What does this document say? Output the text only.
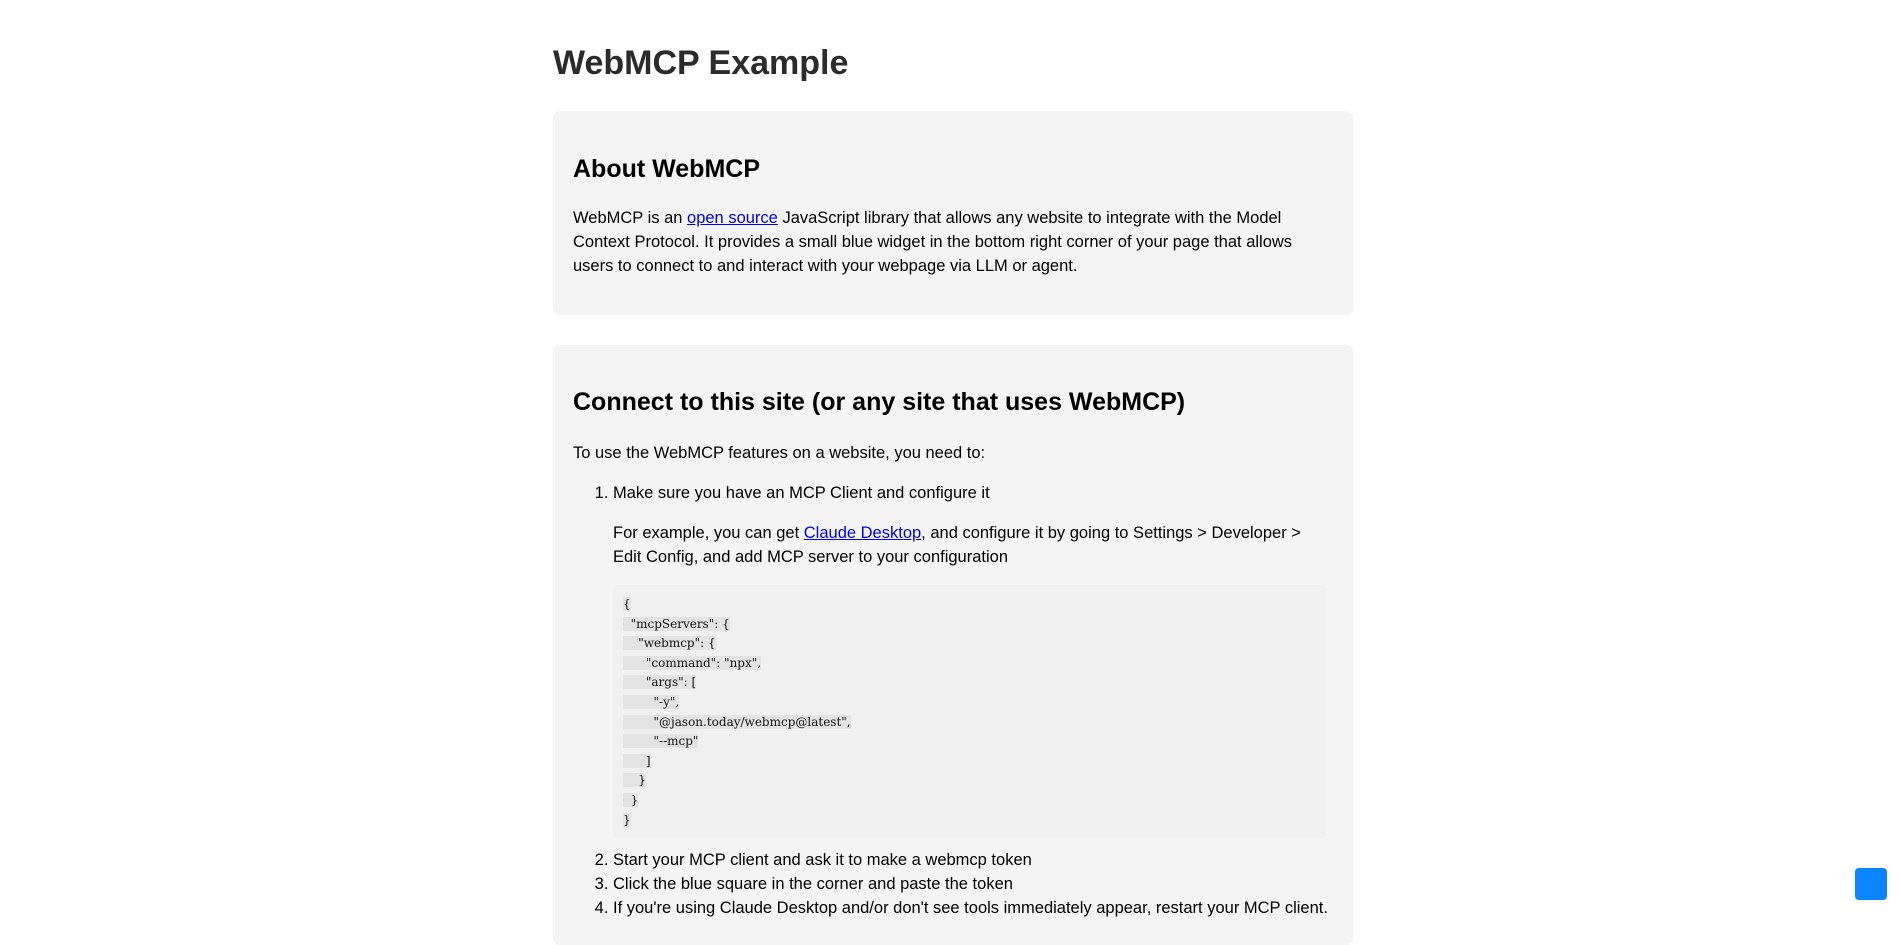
WebMCP Example
About WebMCP

WebMCP is an open source JavaScript library that allows any website to integrate with the Model Context Protocol. It provides a small blue widget in the bottom right corner of your page that allows users to connect to and interact with your webpage via LLM or agent.

Connect to this site (or any site that uses WebMCP)

To use the WebMCP features on a website, you need to:

1. Make sure you have an MCP Client and configure it

For example, you can get Claude Desktop, and configure it by going to Settings > Developer > Edit Config, and add MCP server to your configuration

{
"mcpServers": {
"webmcp": {
"command": "npx",
"args": [
"-y",
"@jason.today/webmcp@latest",
"--mcp"
]
}
}
}
2. Start your MCP client and ask it to make a webmcp token
3. Click the blue square in the corner and paste the token
4. If you're using Claude Desktop and/or don't see tools immediately appear, restart your MCP client.
